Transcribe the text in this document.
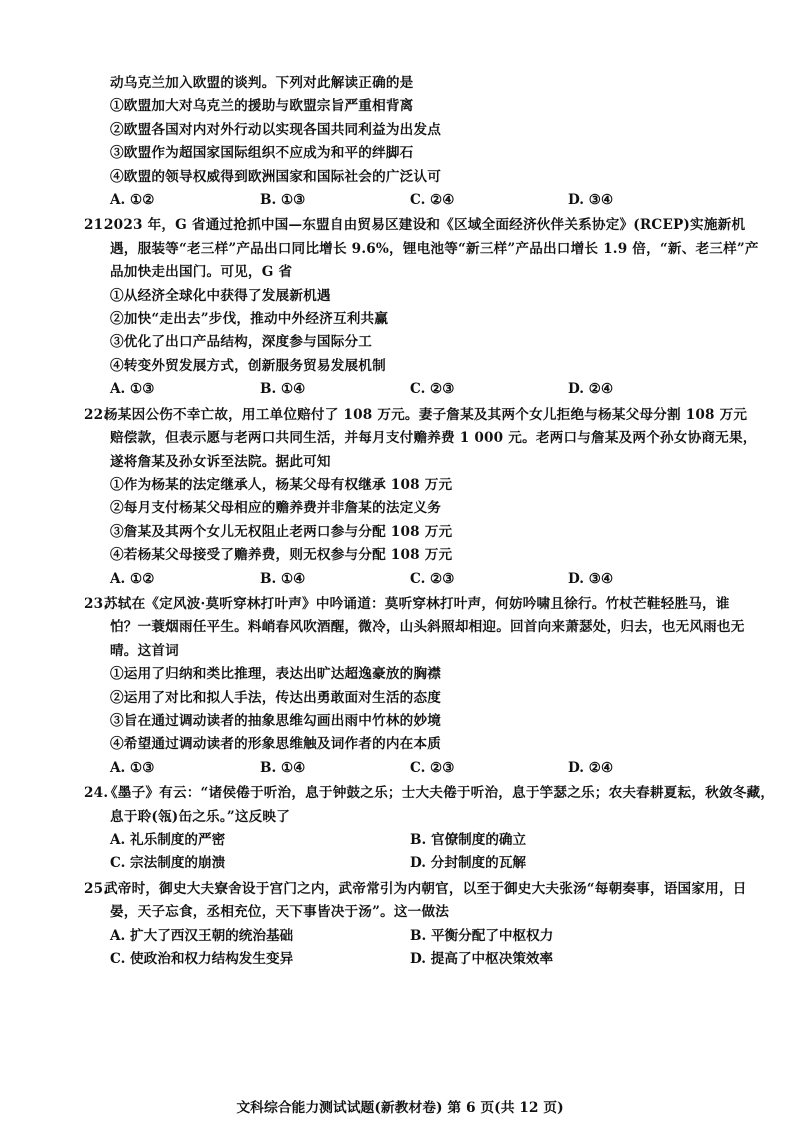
动乌克兰加入欧盟的谈判。下列对此解读正确的是
①欧盟加大对乌克兰的援助与欧盟宗旨严重相背离
②欧盟各国对内对外行动以实现各国共同利益为出发点
③欧盟作为超国家国际组织不应成为和平的绊脚石
④欧盟的领导权威得到欧洲国家和国际社会的广泛认可
A. ①②	B. ①③	C. ②④	D. ③④
21.2023 年，G 省通过抢抓中国—东盟自由贸易区建设和《区域全面经济伙伴关系协定》(RCEP)实施新机
遇，服装等“老三样”产品出口同比增长 9.6%，锂电池等“新三样”产品出口增长 1.9 倍，“新、老三样”产
品加快走出国门。可见，G 省
①从经济全球化中获得了发展新机遇
②加快“走出去”步伐，推动中外经济互利共赢
③优化了出口产品结构，深度参与国际分工
④转变外贸发展方式，创新服务贸易发展机制
A. ①③	B. ①④	C. ②③	D. ②④
22.杨某因公伤不幸亡故，用工单位赔付了 108 万元。妻子詹某及其两个女儿拒绝与杨某父母分割 108 万元
赔偿款，但表示愿与老两口共同生活，并每月支付赡养费 1 000 元。老两口与詹某及两个孙女协商无果，
遂将詹某及孙女诉至法院。据此可知
①作为杨某的法定继承人，杨某父母有权继承 108 万元
②每月支付杨某父母相应的赡养费并非詹某的法定义务
③詹某及其两个女儿无权阻止老两口参与分配 108 万元
④若杨某父母接受了赡养费，则无权参与分配 108 万元
A. ①②	B. ①④	C. ②③	D. ③④
23.苏轼在《定风波·莫听穿林打叶声》中吟诵道：莫听穿林打叶声，何妨吟啸且徐行。竹杖芒鞋轻胜马，谁
怕？一蓑烟雨任平生。料峭春风吹酒醒，微冷，山头斜照却相迎。回首向来萧瑟处，归去，也无风雨也无
晴。这首词
①运用了归纳和类比推理，表达出旷达超逸豪放的胸襟
②运用了对比和拟人手法，传达出勇敢面对生活的态度
③旨在通过调动读者的抽象思维勾画出雨中竹林的妙境
④希望通过调动读者的形象思维触及词作者的内在本质
A. ①③	B. ①④	C. ②③	D. ②④
24.《墨子》有云：“诸侯倦于听治，息于钟鼓之乐；士大夫倦于听治，息于竽瑟之乐；农夫春耕夏耘，秋敛冬藏，
息于聆(瓴)缶之乐。”这反映了
A. 礼乐制度的严密	B. 官僚制度的确立
C. 宗法制度的崩溃	D. 分封制度的瓦解
25.武帝时，御史大夫寮舍设于宫门之内，武帝常引为内朝官，以至于御史大夫张汤“每朝奏事，语国家用，日
晏，天子忘食，丞相充位，天下事皆决于汤”。这一做法
A. 扩大了西汉王朝的统治基础	B. 平衡分配了中枢权力
C. 使政治和权力结构发生变异	D. 提高了中枢决策效率
文科综合能力测试试题(新教材卷) 第 6 页(共 12 页)
